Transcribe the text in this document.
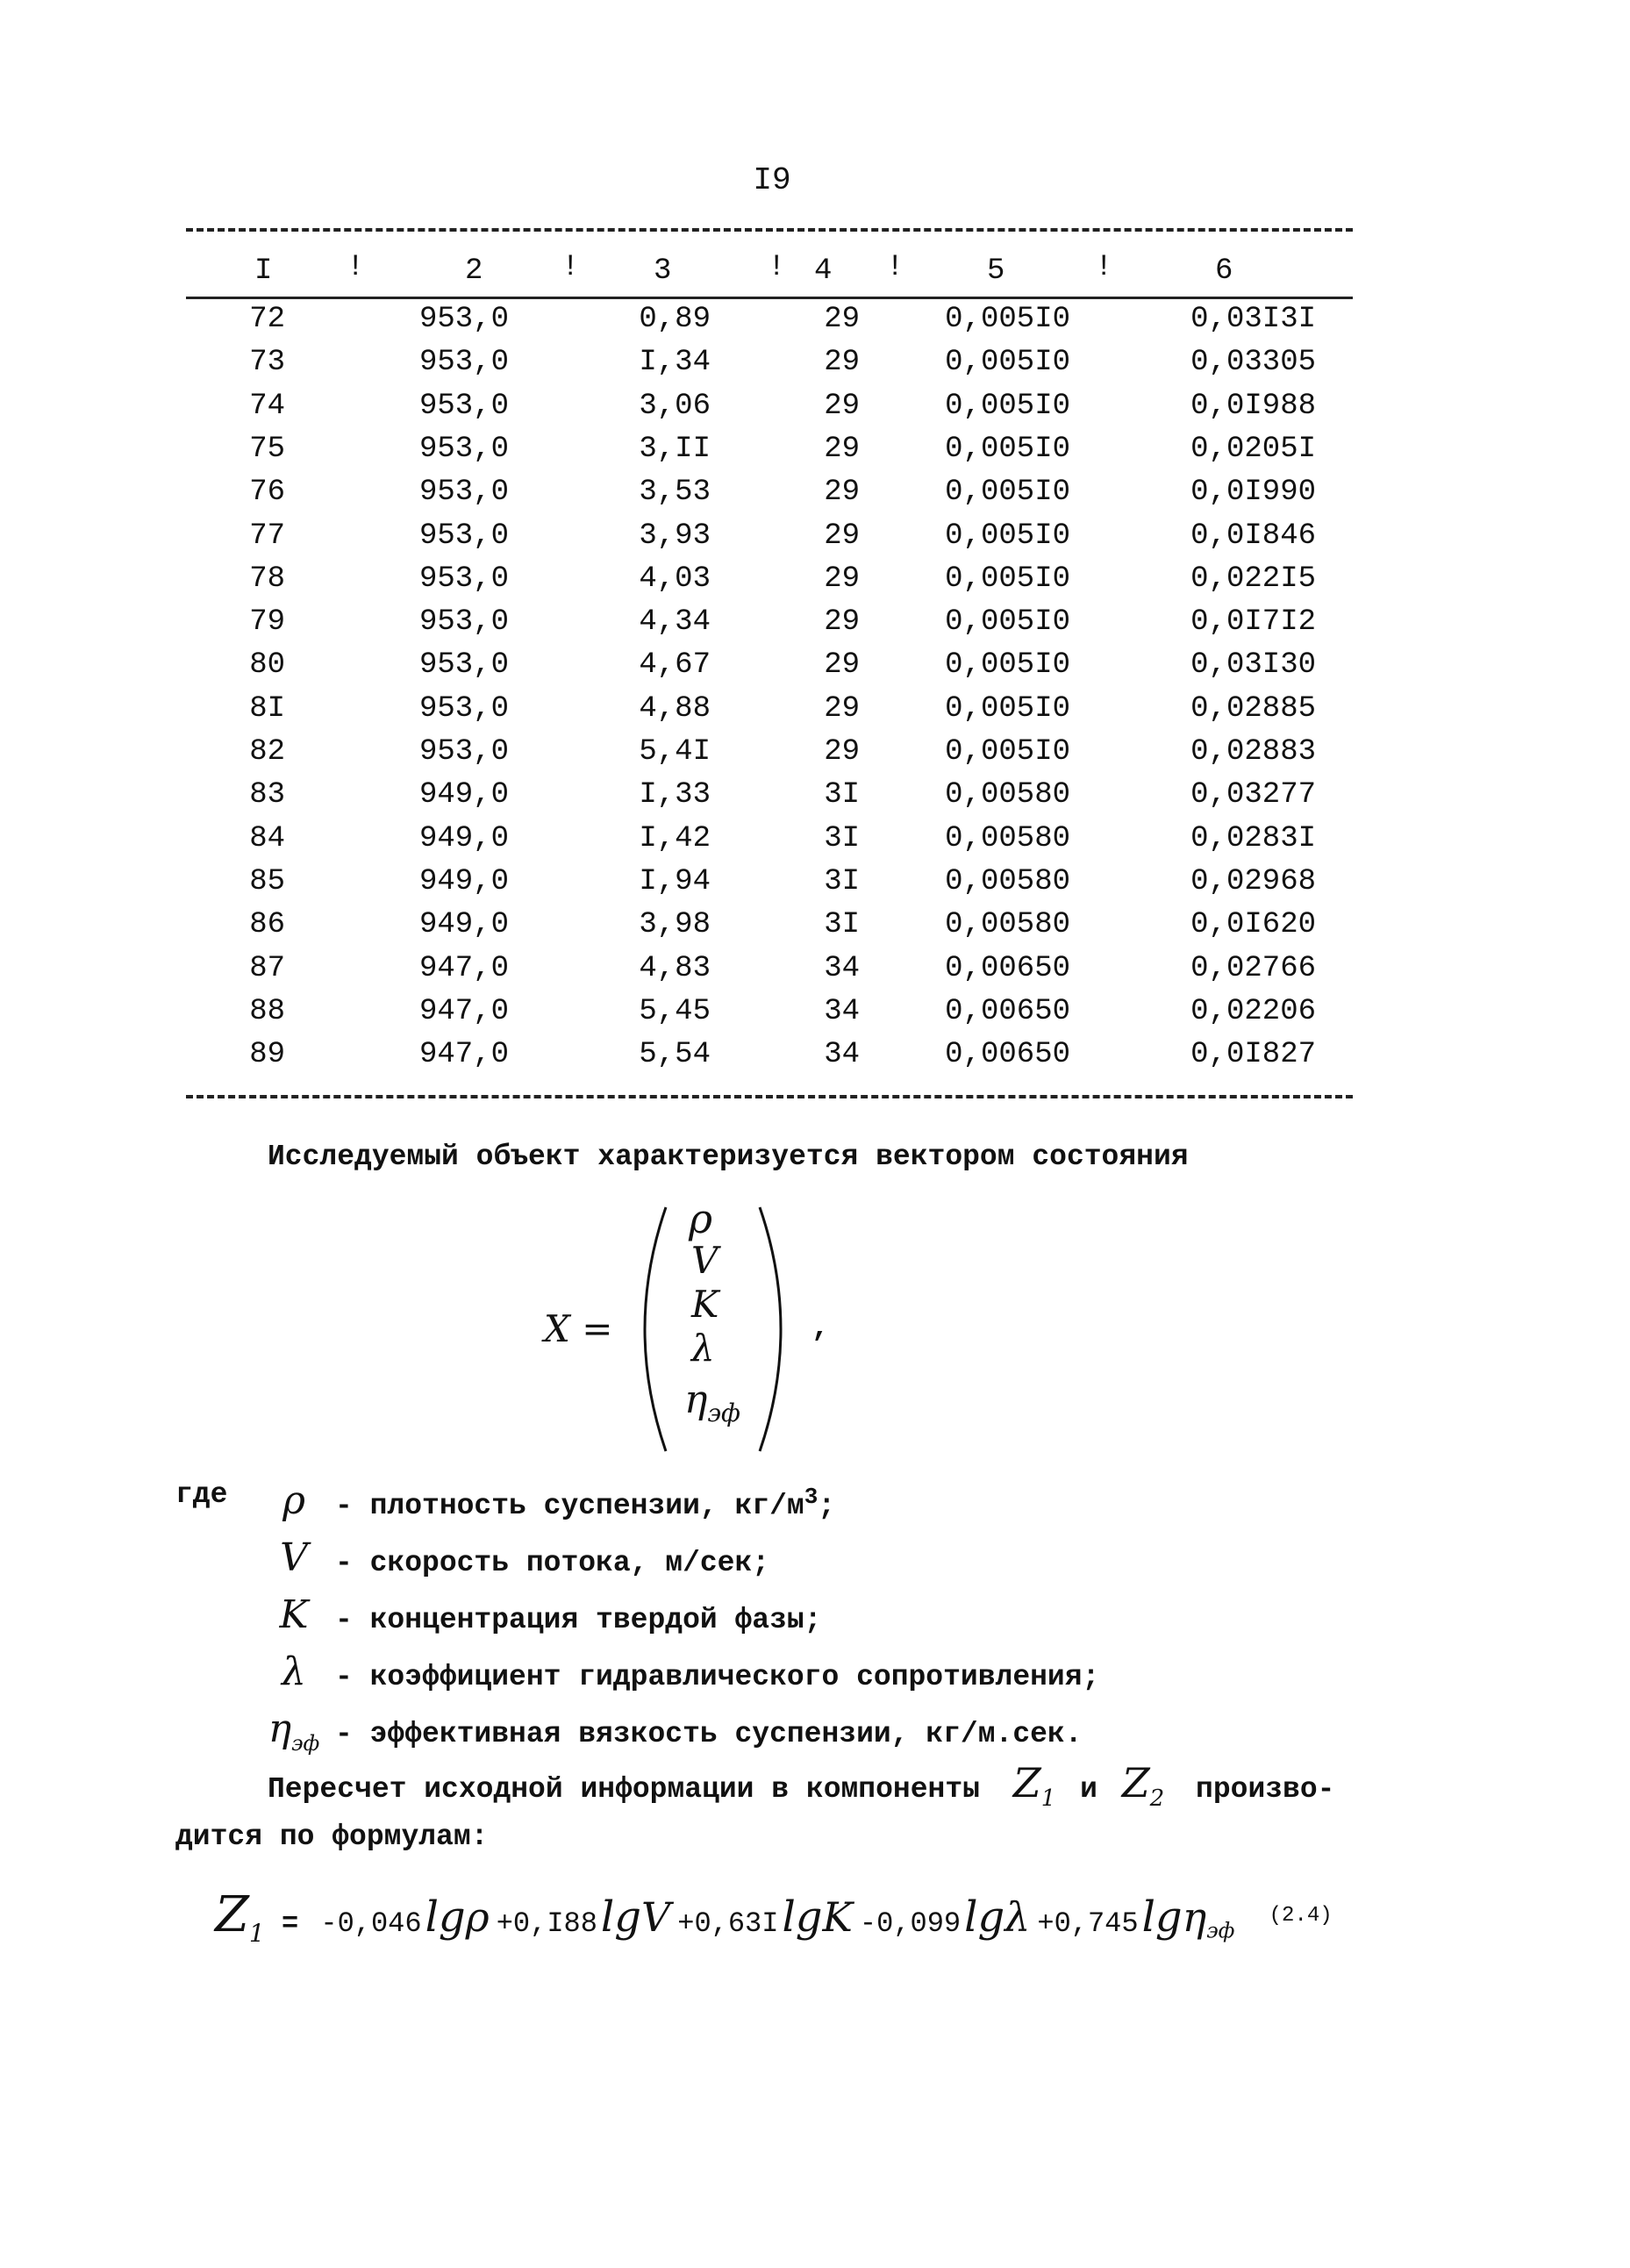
I9
I !	2	! 3	! 4 !	5	!	6
72	953,0	0,89	29	0,005I0	0,03I3I
73	953,0	I,34	29	0,005I0	0,03305
74	953,0	3,06	29	0,005I0	0,0I988
75	953,0	3,II	29	0,005I0	0,0205I
76	953,0	3,53	29	0,005I0	0,0I990
77	953,0	3,93	29	0,005I0	0,0I846
78	953,0	4,03	29	0,005I0	0,022I5
79	953,0	4,34	29	0,005I0	0,0I7I2
80	953,0	4,67	29	0,005I0	0,03I30
8I	953,0	4,88	29	0,005I0	0,02885
82	953,0	5,4I	29	0,005I0	0,02883
83	949,0	I,33	3I	0,00580	0,03277
84	949,0	I,42	3I	0,00580	0,0283I
85	949,0	I,94	3I	0,00580	0,02968
86	949,0	3,98	3I	0,00580	0,0I620
87	947,0	4,83	34	0,00650	0,02766
88	947,0	5,45	34	0,00650	0,02206
89	947,0	5,54	34	0,00650	0,0I827
Исследуемый объект характеризуется вектором состояния
X =
ρ
V
K
λ
$\eta_{эф}$
,
где	ρ - плотность суспензии, $кг/м^3$;
V - скорость потока, м/сек;
K - концентрация твердой фазы;
λ - коэффициент гидравлического сопротивления;
$\eta_{эф}$ - эффективная вязкость суспензии, кг/м.сек.
Пересчет исходной информации в компоненты $Z_1$ и $Z_2$ произво-
дится по формулам:
$Z_1 = -0,046\lg\rho +0,I88\lg V +0,63IlgK$ -0,099lgλ +0,745lgη$_{эф}$ $^{(2.4)}$
